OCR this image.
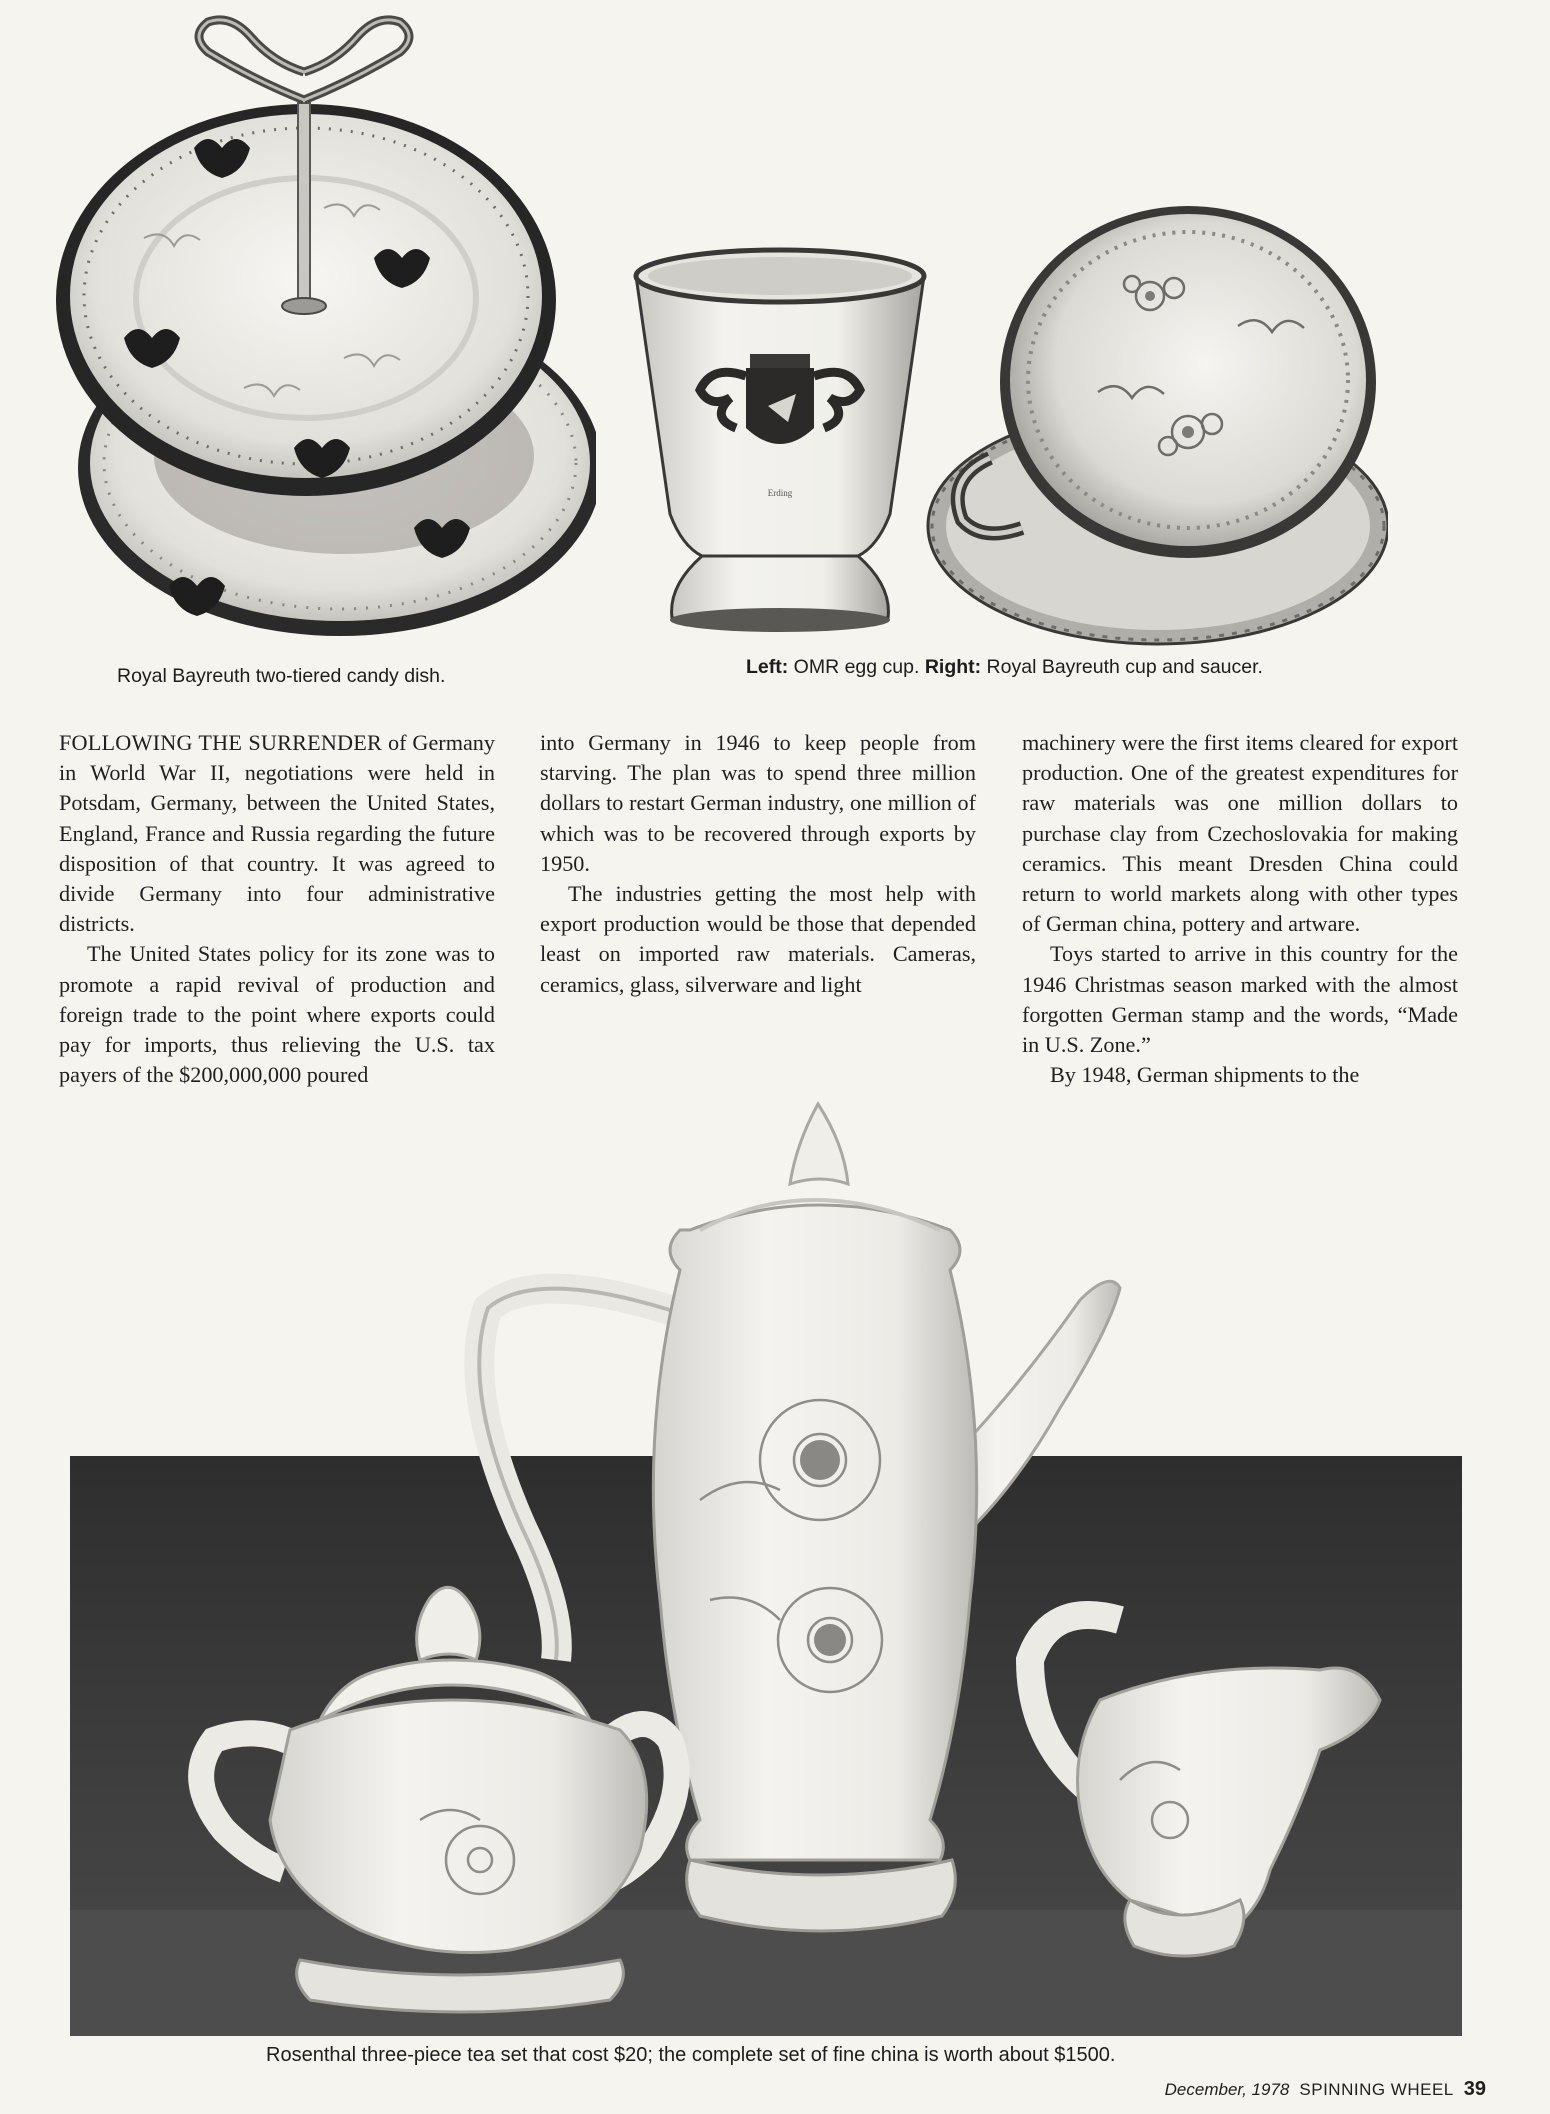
Erding
Royal Bayreuth two-tiered candy dish.	Left: OMR egg cup. Right: Royal Bayreuth cup and saucer.

FOLLOWING THE SURRENDER of Germany in World War II, negotiations were held in Potsdam, Germany, between the United States, England, France and Russia regarding the future disposition of that country. It was agreed to divide Germany into four administrative districts.

The United States policy for its zone was to promote a rapid revival of production and foreign trade to the point where exports could pay for imports, thus relieving the U.S. tax payers of the $200,000,000 poured

into Germany in 1946 to keep people from starving. The plan was to spend three million dollars to restart German industry, one million of which was to be recovered through exports by 1950.

The industries getting the most help with export production would be those that depended least on imported raw materials. Cameras, ceramics, glass, silverware and light

machinery were the first items cleared for export production. One of the greatest expenditures for raw materials was one million dollars to purchase clay from Czechoslovakia for making ceramics. This meant Dresden China could return to world markets along with other types of German china, pottery and artware.

Toys started to arrive in this country for the 1946 Christmas season marked with the almost forgotten German stamp and the words, “Made in U.S. Zone.”

By 1948, German shipments to the

Rosenthal three-piece tea set that cost $20; the complete set of fine china is worth about $1500.
December, 1978 SPINNING WHEEL 39
